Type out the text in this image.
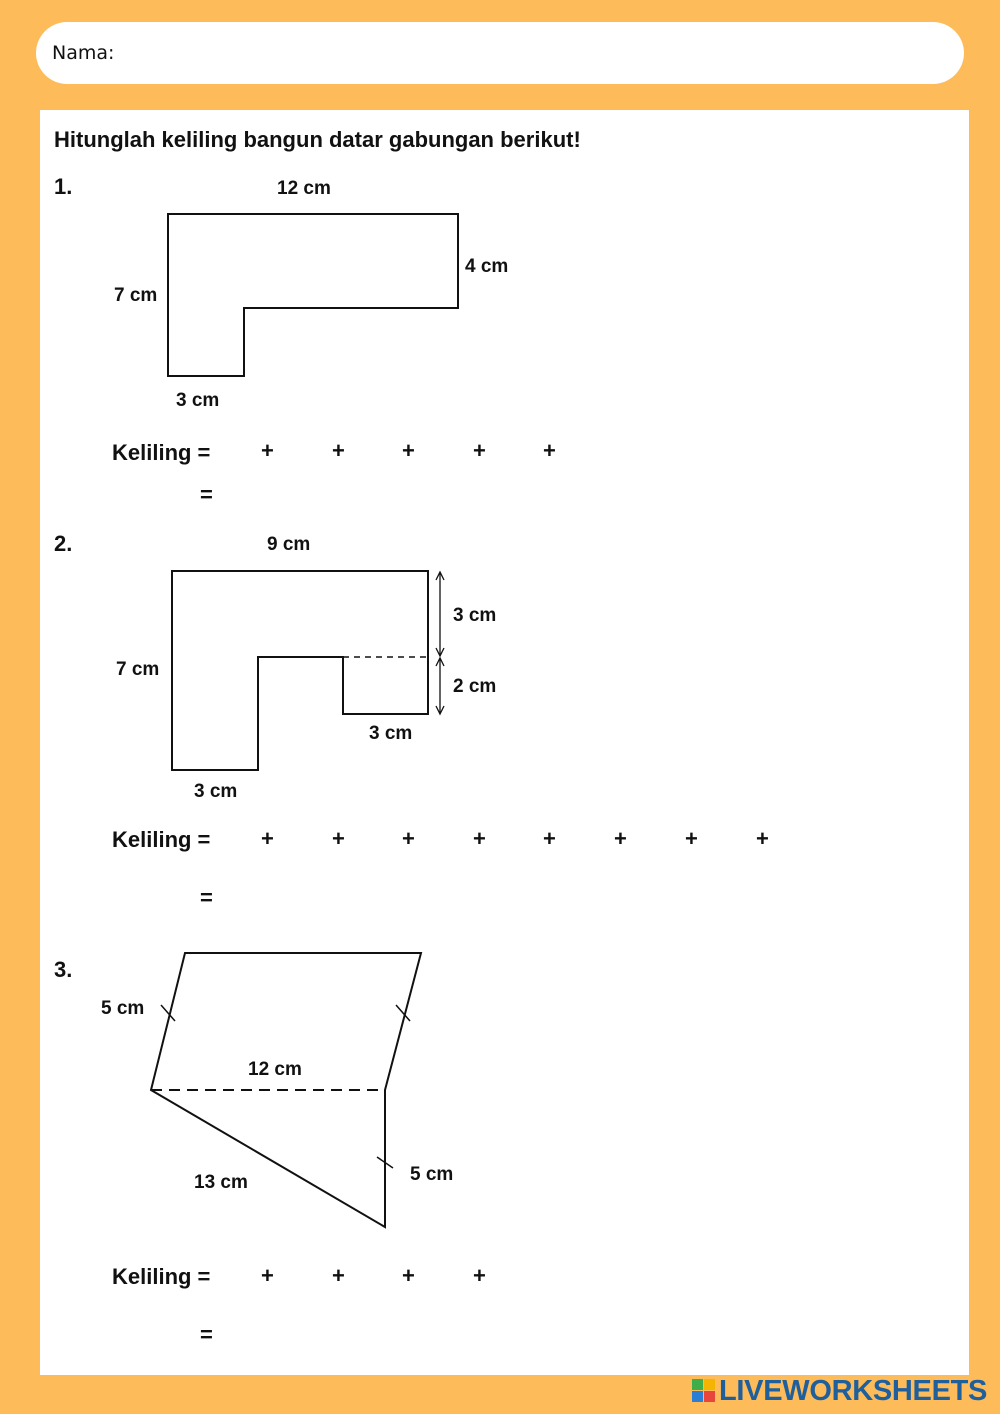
Nama:
Hitunglah keliling bangun datar gabungan berikut!
1.	12 cm
4 cm
7 cm
3 cm
Keliling = +	+	+	+	+
=
2.	9 cm
3 cm
2 cm
7 cm
3 cm
3 cm
Keliling = +	+	+	+	+	+	+	+
=
3.
5 cm
12 cm
13 cm	5 cm
Keliling = +	+	+	+
=
LIVEWORKSHEETS
